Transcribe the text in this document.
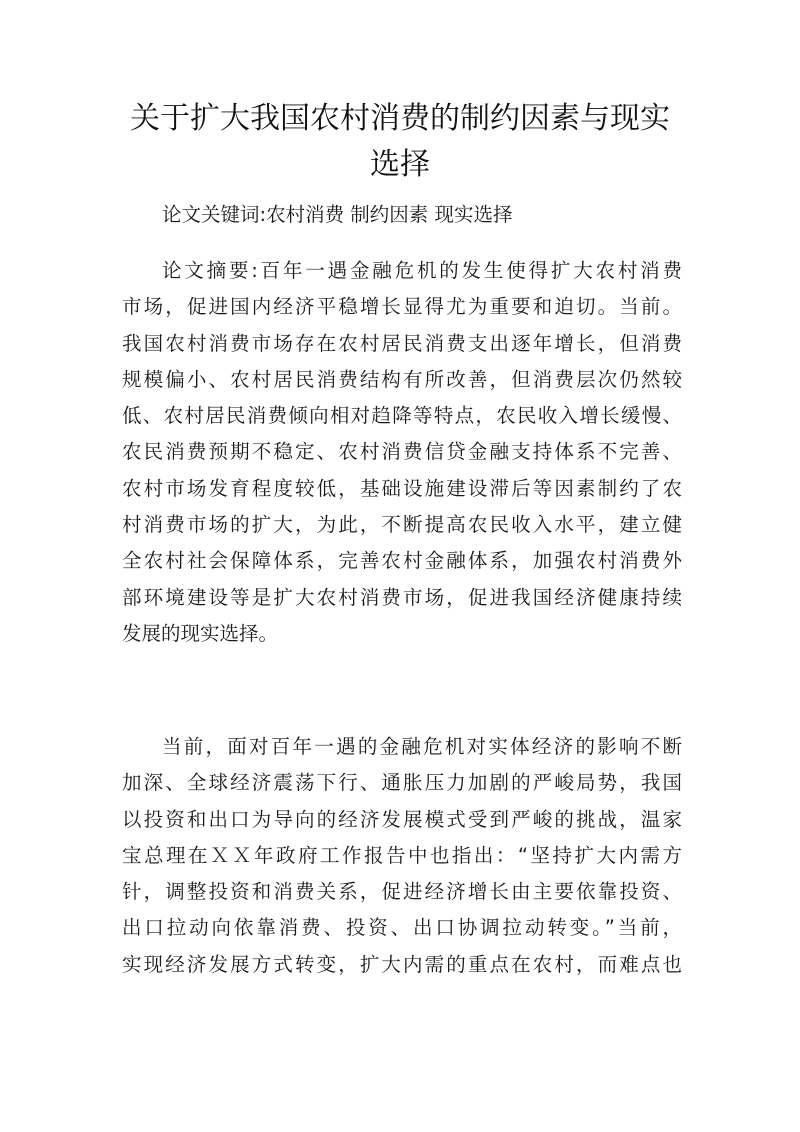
关于扩大我国农村消费的制约因素与现实
选择
论文关键词:农村消费 制约因素 现实选择
论文摘要:百年一遇金融危机的发生使得扩大农村消费
市场，促进国内经济平稳增长显得尤为重要和迫切。当前。
我国农村消费市场存在农村居民消费支出逐年增长，但消费
规模偏小、农村居民消费结构有所改善，但消费层次仍然较
低、农村居民消费倾向相对趋降等特点，农民收入增长缓慢、
农民消费预期不稳定、农村消费信贷金融支持体系不完善、
农村市场发育程度较低，基础设施建设滞后等因素制约了农
村消费市场的扩大，为此，不断提高农民收入水平，建立健
全农村社会保障体系，完善农村金融体系，加强农村消费外
部环境建设等是扩大农村消费市场，促进我国经济健康持续
发展的现实选择。
当前，面对百年一遇的金融危机对实体经济的影响不断
加深、全球经济震荡下行、通胀压力加剧的严峻局势，我国
以投资和出口为导向的经济发展模式受到严峻的挑战，温家
宝总理在ＸＸ年政府工作报告中也指出：“坚持扩大内需方
针，调整投资和消费关系，促进经济增长由主要依靠投资、
出口拉动向依靠消费、投资、出口协调拉动转变。”当前，
实现经济发展方式转变，扩大内需的重点在农村，而难点也
